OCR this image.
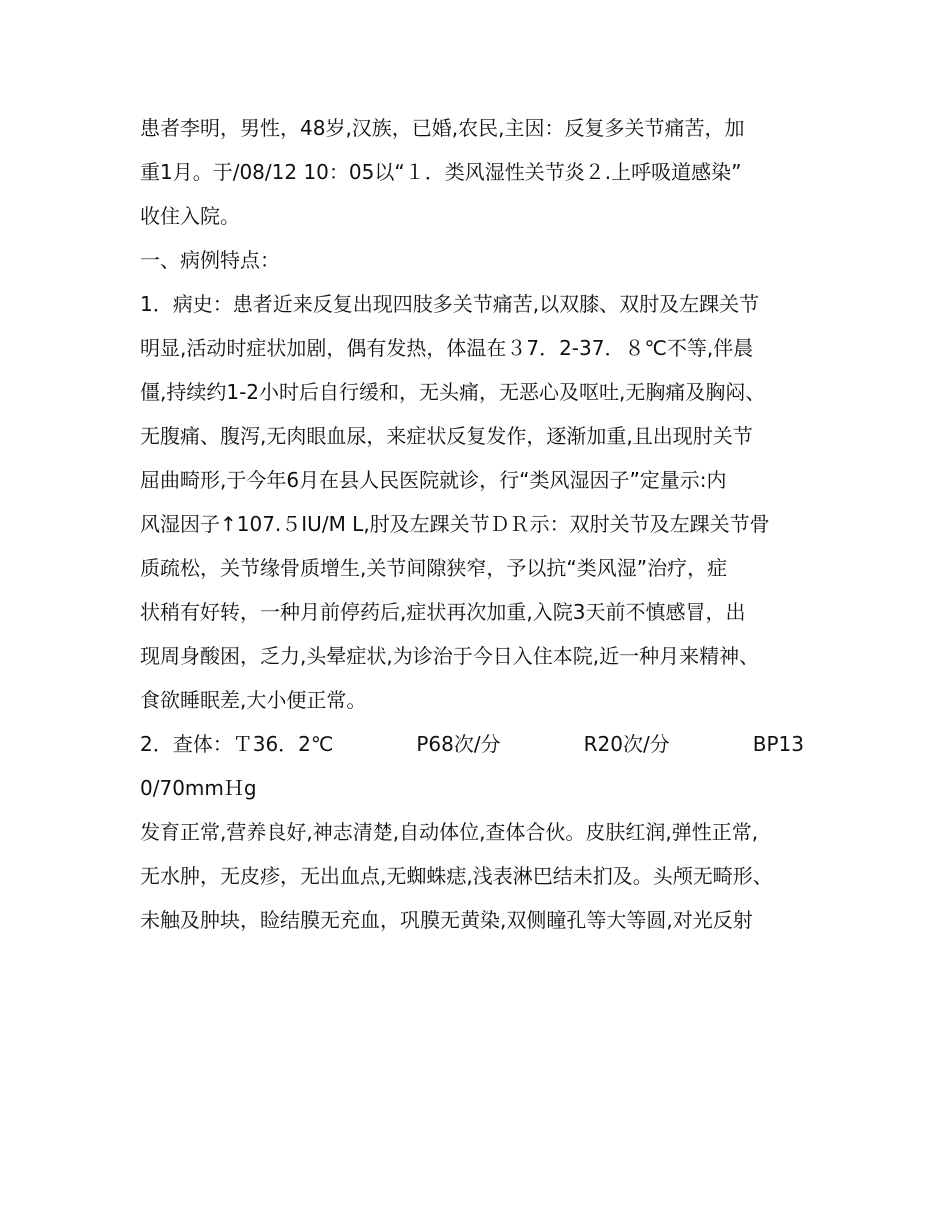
患者李明，男性，48岁,汉族，已婚,农民,主因：反复多关节痛苦，加
重1月。于/08/12 10：05以“１．类风湿性关节炎２.上呼吸道感染”
收住入院。
一、病例特点：
1．病史：患者近来反复出现四肢多关节痛苦,以双膝、双肘及左踝关节
明显,活动时症状加剧，偶有发热，体温在３7．2-37．８℃不等,伴晨
僵,持续约1-2小时后自行缓和，无头痛，无恶心及呕吐,无胸痛及胸闷、
无腹痛、腹泻,无肉眼血尿，来症状反复发作，逐渐加重,且出现肘关节
屈曲畸形,于今年6月在县人民医院就诊，行“类风湿因子”定量示:内
风湿因子↑107.５IU/M L,肘及左踝关节ＤＲ示：双肘关节及左踝关节骨
质疏松，关节缘骨质增生,关节间隙狭窄，予以抗“类风湿”治疗，症
状稍有好转，一种月前停药后,症状再次加重,入院3天前不慎感冒，出
现周身酸困，乏力,头晕症状,为诊治于今日入住本院,近一种月来精神、
食欲睡眠差,大小便正常。
2．查体：Ｔ36．2℃	P68次/分	R20次/分	BP13
0/70mmＨg
发育正常,营养良好,神志清楚,自动体位,查体合伙。皮肤红润,弹性正常,
无水肿，无皮疹，无出血点,无蜘蛛痣,浅表淋巴结未扪及。头颅无畸形、
未触及肿块，睑结膜无充血，巩膜无黄染,双侧瞳孔等大等圆,对光反射
